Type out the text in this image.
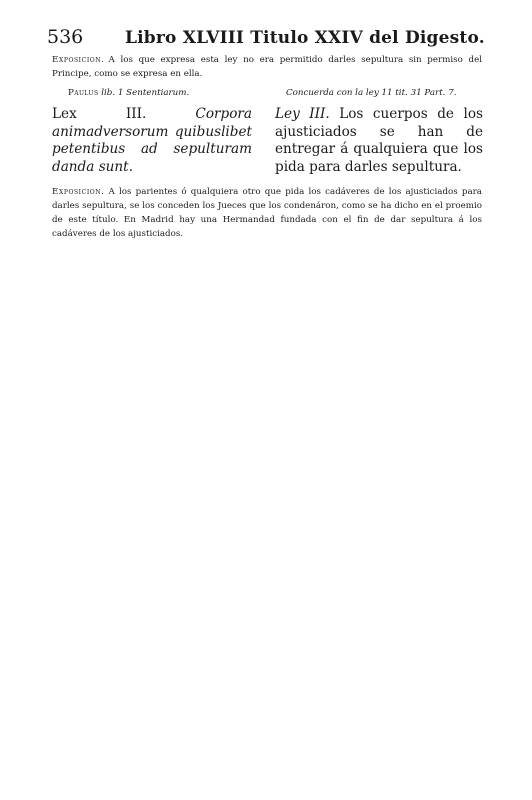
536 Libro XLVIII Titulo XXIV del Digesto.
Exposicion. A los que expresa esta ley no era permitido darles sepultura sin permiso del Principe, como se expresa en ella.
Paulus lib. 1 Sententiarum.	Concuerda con la ley 11 tit. 31 Part. 7.
Lex III.	Corpora animadversorum quibuslibet petentibus ad sepulturam danda sunt.
Ley III. Los cuerpos de los ajusticiados se han de entregar á qualquiera que los pida para darles sepultura.
Exposicion. A los parientes ó qualquiera otro que pida los cadáveres de los ajusticiados para darles sepultura, se los conceden los Jueces que los condenáron, como se ha dicho en el proemio de este título. En Madrid hay una Hermandad fundada con el fin de dar sepultura á los cadáveres de los ajusticiados.
